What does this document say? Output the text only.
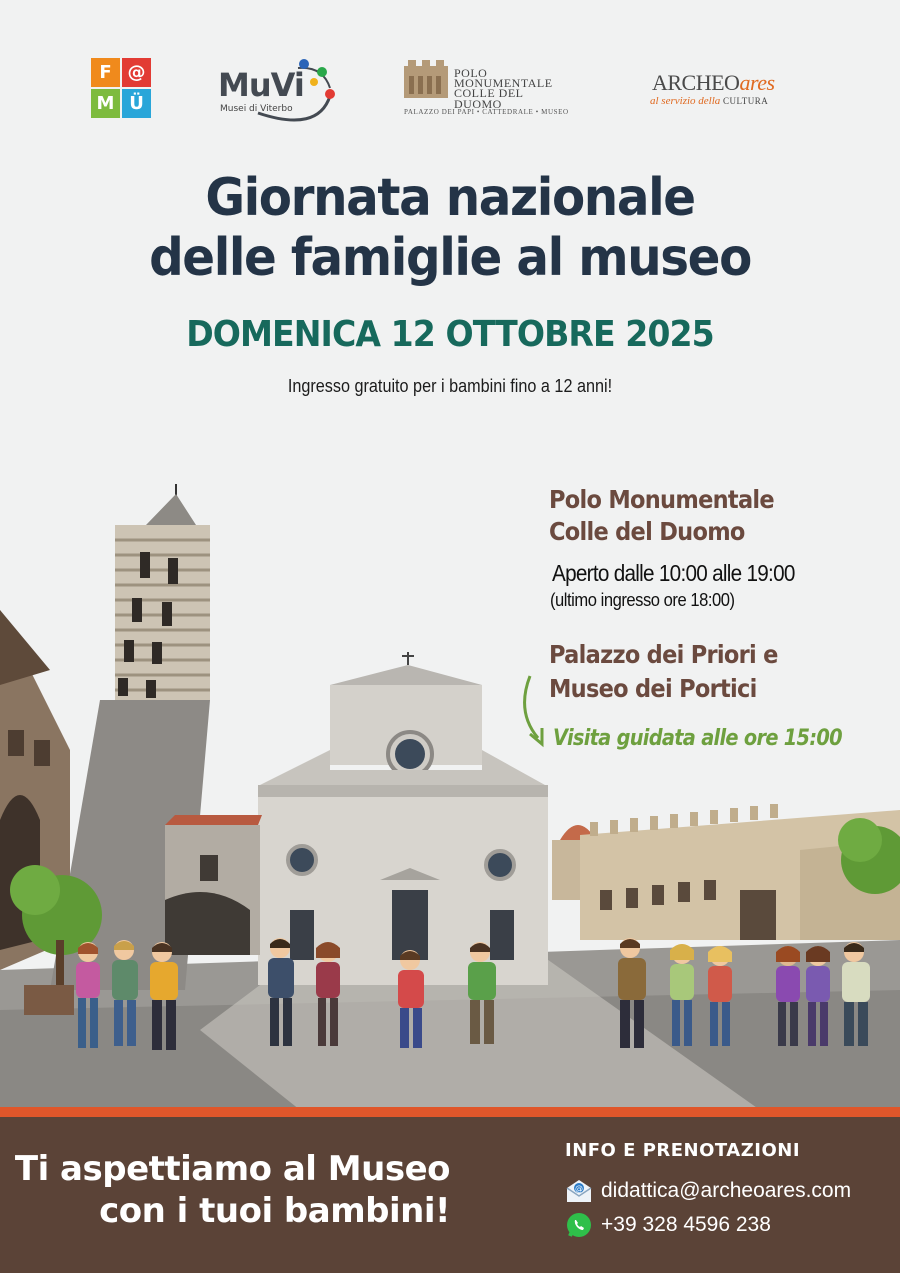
F @
M Ü MuVi
Musei di Viterbo
POLO
MONUMENTALE
COLLE DEL DUOMO
PALAZZO DEI PAPI • CATTEDRALE • MUSEO
ARCHEOares
al servizio della CULTURA
Giornata nazionale
delle famiglie al museo
DOMENICA 12 OTTOBRE 2025
Ingresso gratuito per i bambini fino a 12 anni!
Polo Monumentale
Colle del Duomo
Aperto dalle 10:00 alle 19:00
(ultimo ingresso ore 18:00)
Palazzo dei Priori e
Museo dei Portici
Visita guidata alle ore 15:00
Ti aspettiamo al Museo
con i tuoi bambini!
INFO E PRENOTAZIONI
@ didattica@archeoares.com
+39 328 4596 238
